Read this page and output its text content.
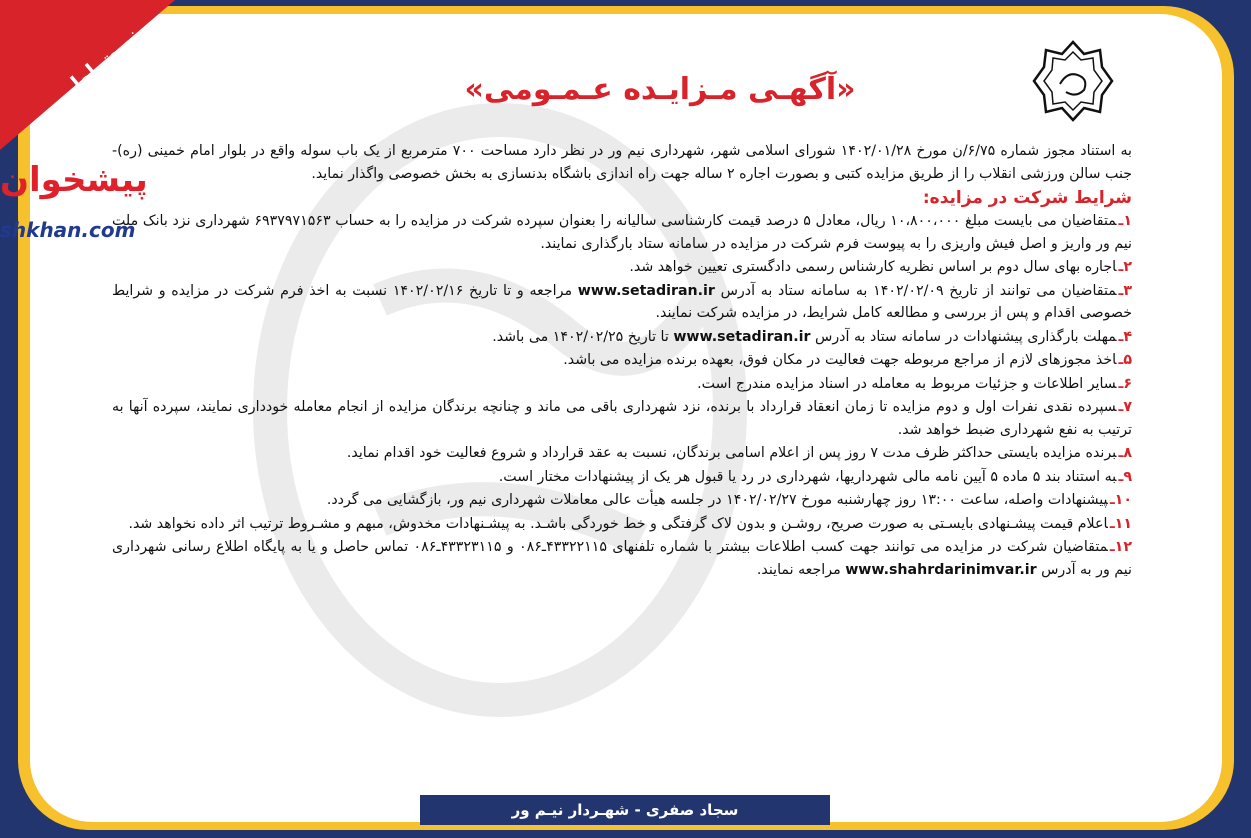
«آگهـی مـزایـده عـمـومی»
نوبت اول
پیشخوان
shkhan.com

به استناد مجوز شماره ۶/۷۵/ن مورخ ۱۴۰۲/۰۱/۲۸ شورای اسلامی شهر، شهرداری نیم ور در نظر دارد مساحت ۷۰۰ مترمربع از یک باب سوله واقع در بلوار امام خمینی (ره)-جنب سالن ورزشی انقلاب را از طریق مزایده کتبی و بصورت اجاره ۲ ساله جهت راه اندازی باشگاه بدنسازی به بخش خصوصی واگذار نماید.

شرایط شرکت در مزایده:

۱ـمتقاضیان می بایست مبلغ ۱۰،۸۰۰،۰۰۰ ریال، معادل ۵ درصد قیمت کارشناسی سالیانه را بعنوان سپرده شرکت در مزایده را به حساب ۶۹۳۷۹۷۱۵۶۳ شهرداری نزد بانک ملت نیم ور واریز و اصل فیش واریزی را به پیوست فرم شرکت در مزایده در سامانه ستاد بارگذاری نمایند.

۲ـاجاره بهای سال دوم بر اساس نظریه کارشناس رسمی دادگستری تعیین خواهد شد.

۳ـمتقاضیان می توانند از تاریخ ۱۴۰۲/۰۲/۰۹ به سامانه ستاد به آدرس www.setadiran.ir مراجعه و تا تاریخ ۱۴۰۲/۰۲/۱۶ نسبت به اخذ فرم شرکت در مزایده و شرایط خصوصی اقدام و پس از بررسی و مطالعه کامل شرایط، در مزایده شرکت نمایند.

۴ـمهلت بارگذاری پیشنهادات در سامانه ستاد به آدرس www.setadiran.ir تا تاریخ ۱۴۰۲/۰۲/۲۵ می باشد.

۵ـاخذ مجوزهای لازم از مراجع مربوطه جهت فعالیت در مکان فوق، بعهده برنده مزایده می باشد.

۶ـسایر اطلاعات و جزئیات مربوط به معامله در اسناد مزایده مندرج است.

۷ـسپرده نقدی نفرات اول و دوم مزایده تا زمان انعقاد قرارداد با برنده، نزد شهرداری باقی می ماند و چنانچه برندگان مزایده از انجام معامله خودداری نمایند، سپرده آنها به ترتیب به نفع شهرداری ضبط خواهد شد.

۸ـبرنده مزایده بایستی حداکثر ظرف مدت ۷ روز پس از اعلام اسامی برندگان، نسبت به عقد قرارداد و شروع فعالیت خود اقدام نماید.

۹ـبه استناد بند ۵ ماده ۵ آیین نامه مالی شهرداریها، شهرداری در رد یا قبول هر یک از پیشنهادات مختار است.

۱۰ـپیشنهادات واصله، ساعت ۱۳:۰۰ روز چهارشنبه مورخ ۱۴۰۲/۰۲/۲۷ در جلسه هیأت عالی معاملات شهرداری نیم ور، بازگشایی می گردد.

۱۱ـاعلام قیمت پیشـنهادی بایسـتی به صورت صریح، روشـن و بدون لاک گرفتگی و خط خوردگی باشـد. به پیشـنهادات مخدوش، مبهم و مشـروط ترتیب اثر داده نخواهد شد.

۱۲ـمتقاضیان شرکت در مزایده می توانند جهت کسب اطلاعات بیشتر با شماره تلفنهای ۴۳۳۲۲۱۱۵ـ۰۸۶ و ۴۳۳۲۳۱۱۵ـ۰۸۶ تماس حاصل و یا به پایگاه اطلاع رسانی شهرداری نیم ور به آدرس www.shahrdarinimvar.ir مراجعه نمایند.

سجاد صفری - شهـردار نیـم ور
